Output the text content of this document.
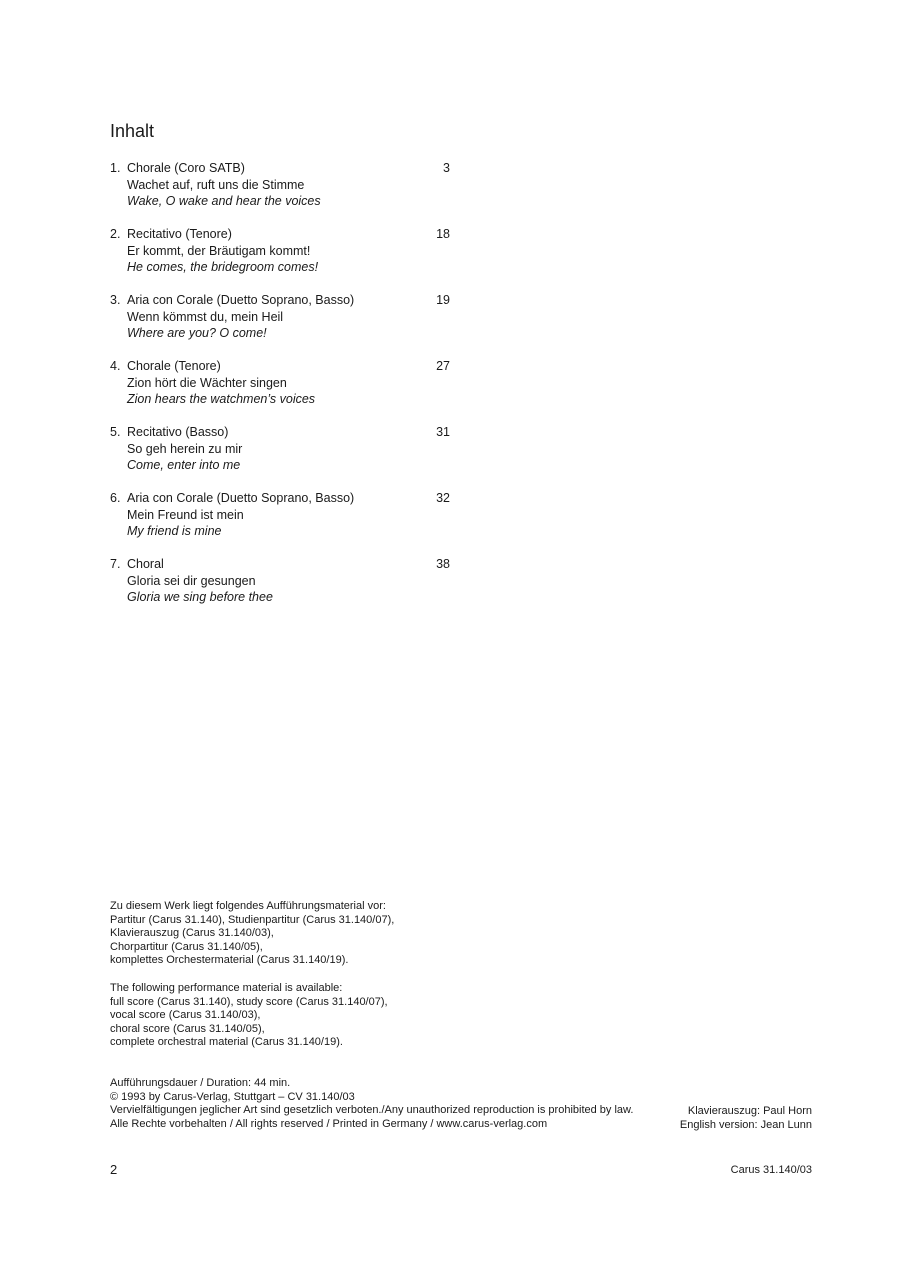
Inhalt
1. Chorale (Coro SATB)
Wachet auf, ruft uns die Stimme
Wake, O wake and hear the voices
3
2. Recitativo (Tenore)
Er kommt, der Bräutigam kommt!
He comes, the bridegroom comes!
18
3. Aria con Corale (Duetto Soprano, Basso)
Wenn kömmst du, mein Heil
Where are you? O come!
19
4. Chorale (Tenore)
Zion hört die Wächter singen
Zion hears the watchmen’s voices
27
5. Recitativo (Basso)
So geh herein zu mir
Come, enter into me
31
6. Aria con Corale (Duetto Soprano, Basso)
Mein Freund ist mein
My friend is mine
32
7. Choral
Gloria sei dir gesungen
Gloria we sing before thee
38
Zu diesem Werk liegt folgendes Aufführungsmaterial vor:
Partitur (Carus 31.140), Studienpartitur (Carus 31.140/07),
Klavierauszug (Carus 31.140/03),
Chorpartitur (Carus 31.140/05),
komplettes Orchestermaterial (Carus 31.140/19).
The following performance material is available:
full score (Carus 31.140), study score (Carus 31.140/07),
vocal score (Carus 31.140/03),
choral score (Carus 31.140/05),
complete orchestral material (Carus 31.140/19).
Aufführungsdauer / Duration: 44 min.
© 1993 by Carus-Verlag, Stuttgart – CV 31.140/03
Vervielfältigungen jeglicher Art sind gesetzlich verboten./Any unauthorized reproduction is prohibited by law.
Alle Rechte vorbehalten / All rights reserved / Printed in Germany / www.carus-verlag.com
Klavierauszug: Paul Horn
English version: Jean Lunn
2	Carus 31.140/03
